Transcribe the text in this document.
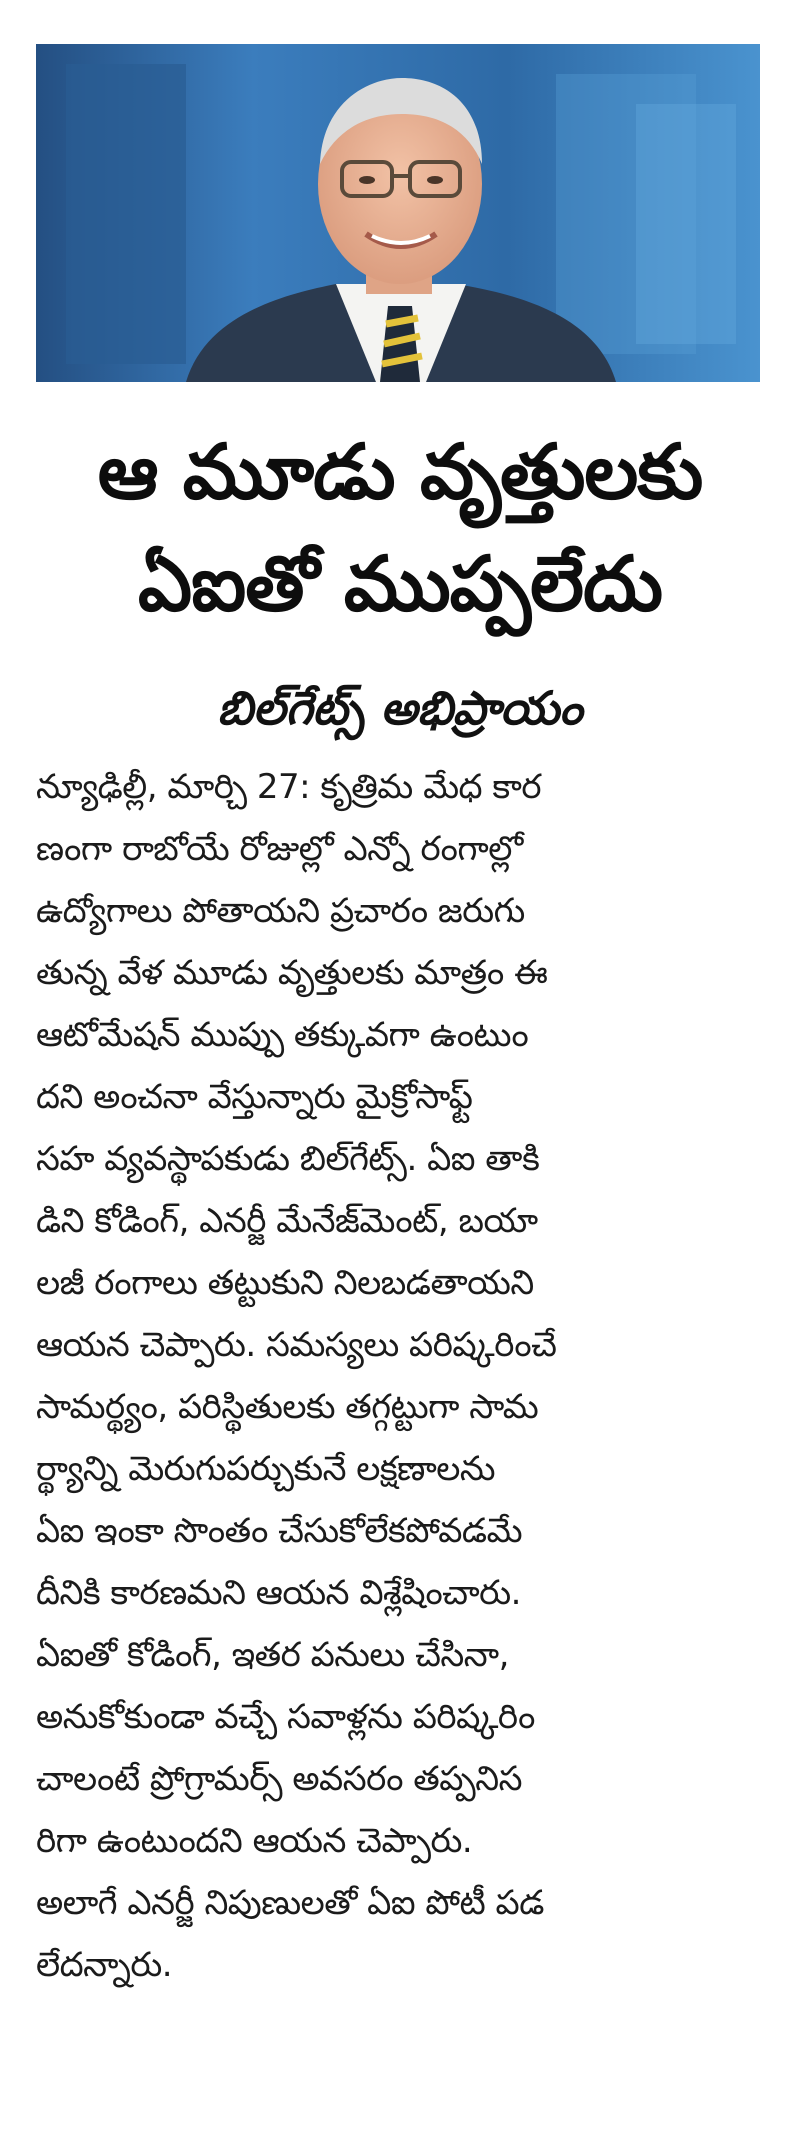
ఆ మూడు వృత్తులకు
ఏఐతో ముప్పలేదు
బిల్‌గేట్స్ అభిప్రాయం
న్యూఢిల్లీ, మార్చి 27: కృత్రిమ మేధ కార
ణంగా రాబోయే రోజుల్లో ఎన్నో రంగాల్లో
ఉద్యోగాలు పోతాయని ప్రచారం జరుగు
తున్న వేళ మూడు వృత్తులకు మాత్రం ఈ
ఆటోమేషన్ ముప్పు తక్కువగా ఉంటుం
దని అంచనా వేస్తున్నారు మైక్రోసాఫ్ట్
సహ వ్యవస్థాపకుడు బిల్‌గేట్స్. ఏఐ తాకి
డిని కోడింగ్, ఎనర్జీ మేనేజ్‌మెంట్, బయా
లజీ రంగాలు తట్టుకుని నిలబడతాయని
ఆయన చెప్పారు. సమస్యలు పరిష్కరించే
సామర్థ్యం, పరిస్థితులకు తగ్గట్టుగా సామ
ర్థ్యాన్ని మెరుగుపర్చుకునే లక్షణాలను
ఏఐ ఇంకా సొంతం చేసుకోలేకపోవడమే
దీనికి కారణమని ఆయన విశ్లేషించారు.
ఏఐతో కోడింగ్, ఇతర పనులు చేసినా,
అనుకోకుండా వచ్చే సవాళ్లను పరిష్కరిం
చాలంటే ప్రోగ్రామర్స్ అవసరం తప్పనిస
రిగా ఉంటుందని ఆయన చెప్పారు.
అలాగే ఎనర్జీ నిపుణులతో ఏఐ పోటీ పడ
లేదన్నారు.
